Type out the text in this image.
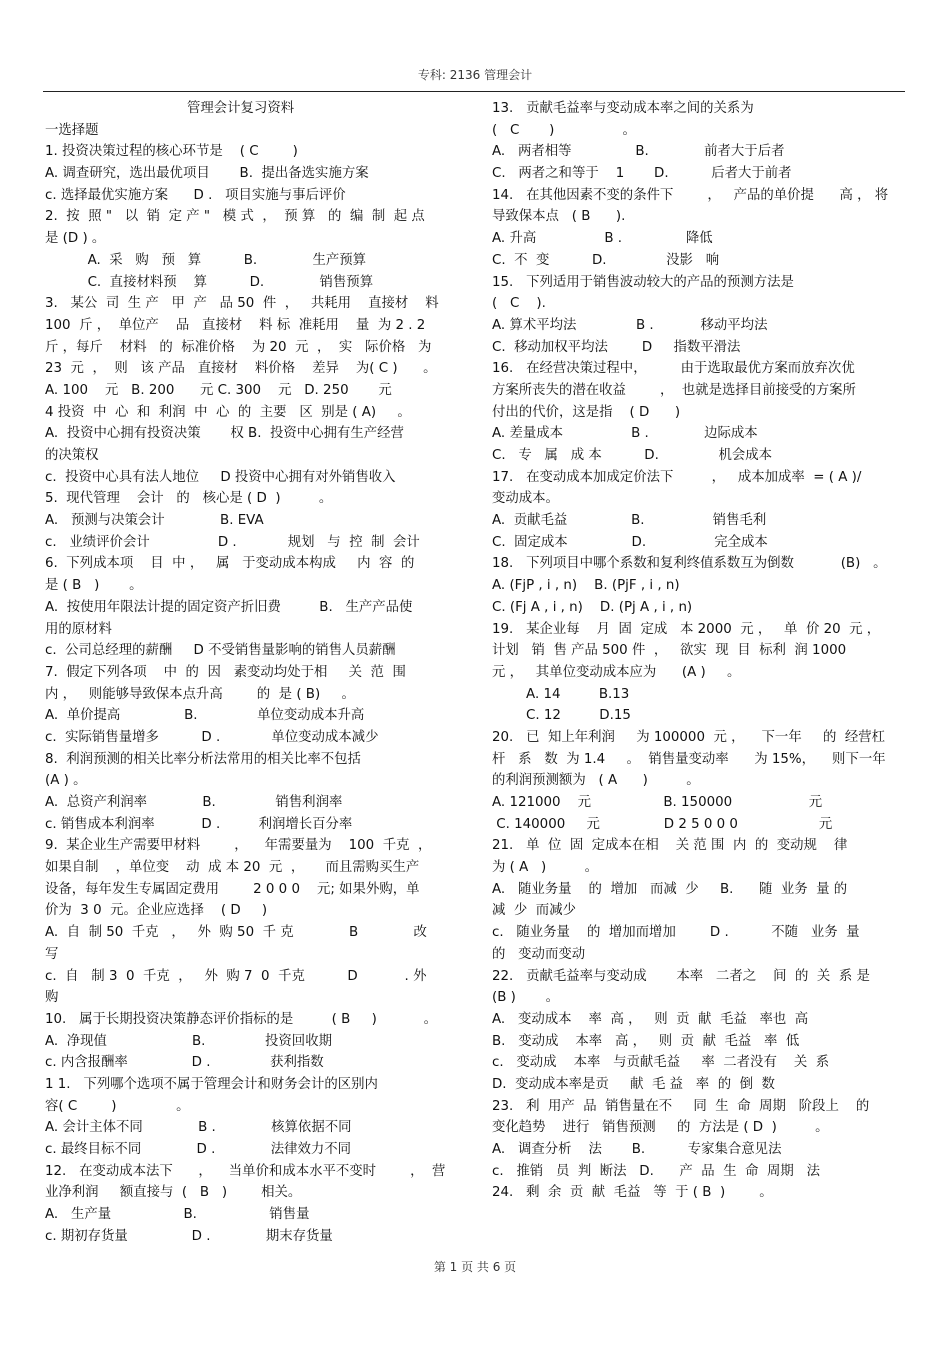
专科: 2136 管理会计
管理会计复习资料
一选择题
1. 投资决策过程的核心环节是    ( C        )
A. 调查研究，选出最优项目       B.  提出备选实施方案
c. 选择最优实施方案      D .   项目实施与事后评价
2.  按  照 "   以  销  定 产 "   模 式  ，  预 算   的  编  制  起 点
是 (D ) 。
A.  采   购   预   算          B.             生产预算
C.  直接材料预    算          D.             销售预算
3.   某公  司  生 产   甲  产   品 50  件  ，   共耗用    直接材    料
100  斤 ，  单位产    品   直接材    料 标  准耗用    量  为 2 . 2
斤 ，每斤    材料   的  标准价格    为 20  元  ，  实   际价格   为
23  元  ，  则   该 产品   直接材    料价格    差异    为( C )      。
A. 100    元   B. 200      元 C. 300    元   D. 250       元
4 投资  中  心  和  利润  中  心  的  主要   区  别是 ( A)     。
A.  投资中心拥有投资决策       权 B.  投资中心拥有生产经营
的决策权
c.  投资中心具有法人地位     D 投资中心拥有对外销售收入
5.  现代管理    会计   的   核心是 ( D  )         。
A.   预测与决策会计             B. EVA
c.   业绩评价会计                D .            规划   与  控  制  会计
6.  下列成本项    目  中 ，   属   于变动成本构成     内  容  的
是 ( B   )       。
A.  按使用年限法计提的固定资产折旧费         B.   生产产品使
用的原材料
c.  公司总经理的薪酬     D 不受销售量影响的销售人员薪酬
7.  假定下列各项    中  的  因   素变动均处于相     关  范  围
内 ，   则能够导致保本点升高        的  是 ( B)     。
A.  单价提高               B.              单位变动成本升高
c.  实际销售量增多          D .            单位变动成本减少
8.  利润预测的相关比率分析法常用的相关比率不包括
(A ) 。
A.  总资产利润率             B.              销售利润率
c. 销售成本利润率           D .         利润增长百分率
9.  某企业生产需要甲材料        ，    年需要量为    100  千克  ，
如果自制    ，单位变    动  成 本 20  元  ，     而且需购买生产
设备，每年发生专属固定费用        2 0 0 0    元; 如果外购，单
价为  3 0  元。企业应选择    ( D     )
A.  自  制 50  千克   ，   外  购 50  千 克             B             改
写
c.  自   制 3  0  千克  ，   外  购 7  0  千克          D           . 外
购
10.   属于长期投资决策静态评价指标的是         ( B     )           。
A.  净现值                    B.              投资回收期
c. 内含报酬率               D .              获利指数
1 1.   下列哪个选项不属于管理会计和财务会计的区别内
容( C        )              。
A. 会计主体不同             B .             核算依据不同
c. 最终目标不同             D .             法律效力不同
12.   在变动成本法下      ，    当单价和成本水平不变时        ，  营
业净利润     额直接与  (   B   )        相关。
A.   生产量                 B.                 销售量
c. 期初存货量               D .             期末存货量
13.   贡献毛益率与变动成本率之间的关系为
(   C       )                。
A.   两者相等               B.             前者大于后者
C.   两者之和等于    1       D.          后者大于前者
14.   在其他因素不变的条件下        ，   产品的单价提      高 ， 将
导致保本点   ( B      ).
A. 升高                B .               降低
C.  不  变          D.              没影   响
15.   下列适用于销售波动较大的产品的预测方法是
(   C    ).
A. 算术平均法              B .           移动平均法
C.  移动加权平均法        D     指数平滑法
16.   在经营决策过程中，        由于选取最优方案而放弃次优
方案所丧失的潜在收益        ，  也就是选择目前接受的方案所
付出的代价，这是指    ( D      )
A. 差量成本                B .             边际成本
C.   专   属   成 本          D.              机会成本
17.   在变动成本加成定价法下         ，   成本加成率  = ( A )/
变动成本。
A.  贡献毛益               B.                销售毛利
C.  固定成本               D.                完全成本
18.   下列项目中哪个系数和复利终值系数互为倒数           (B)   。
A. (FjP , i , n)    B. (PjF , i , n)
C. (Fj A , i , n)    D. (Pj A , i , n)
19.   某企业每    月  固  定成   本 2000  元 ，   单  价 20  元 ，
计划   销  售 产品 500 件  ，   欲实  现  目  标利  润 1000
元 ，   其单位变动成本应为      (A )     。
A. 14         B.13
C. 12         D.15
20.   已  知上年利润     为 100000  元 ，    下一年     的  经营杠
杆   系   数  为 1.4     。  销售量变动率      为 15%，    则下一年
的利润预测额为   ( A      )         。
A. 121000    元                 B. 150000                  元
C. 140000     元               D 2 5 0 0 0                   元
21.   单  位  固  定成本在相    关 范 围  内  的  变动规    律
为 ( A   )         。
A.   随业务量    的  增加   而减  少     B.      随  业务  量 的
减  少  而减少
c.   随业务量    的  增加而增加        D .          不随   业务  量
的   变动而变动
22.   贡献毛益率与变动成       本率   二者之    间  的  关  系 是
(B )       。
A.   变动成本    率  高 ，   则  贡  献  毛益   率也  高
B.   变动成    本率   高 ，   则  贡  献  毛益   率  低
c.   变动成    本率   与贡献毛益     率  二者没有    关  系
D.  变动成本率是贡     献  毛 益   率  的  倒  数
23.   利  用产  品  销售量在不     同  生  命  周期   阶段上    的
变化趋势    进行   销售预测     的  方法是 ( D  )         。
A.   调查分析    法       B.          专家集合意见法
c.   推销   员  判  断法   D.      产  品  生  命  周期   法
24.   剩  余  贡  献  毛益   等  于 ( B  )        。
第 1 页 共 6 页
